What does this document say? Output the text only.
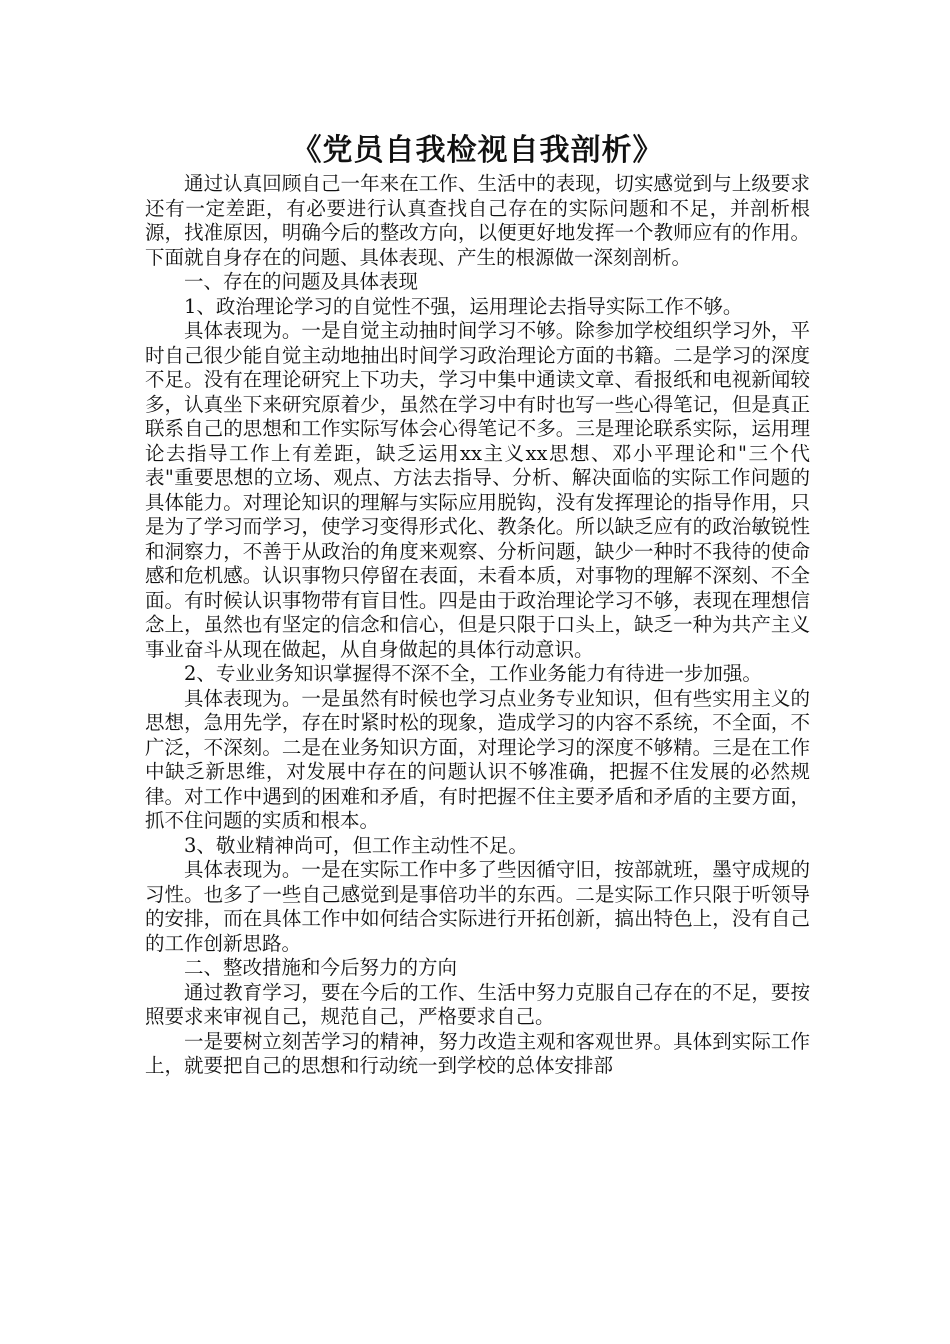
《党员自我检视自我剖析》

通过认真回顾自己一年来在工作、生活中的表现，切实感觉到与上级要求还有一定差距，有必要进行认真查找自己存在的实际问题和不足，并剖析根源，找准原因，明确今后的整改方向，以便更好地发挥一个教师应有的作用。下面就自身存在的问题、具体表现、产生的根源做一深刻剖析。

一、存在的问题及具体表现

1、政治理论学习的自觉性不强，运用理论去指导实际工作不够。

具体表现为。一是自觉主动抽时间学习不够。除参加学校组织学习外，平时自己很少能自觉主动地抽出时间学习政治理论方面的书籍。二是学习的深度不足。没有在理论研究上下功夫，学习中集中通读文章、看报纸和电视新闻较多，认真坐下来研究原着少，虽然在学习中有时也写一些心得笔记，但是真正联系自己的思想和工作实际写体会心得笔记不多。三是理论联系实际，运用理论去指导工作上有差距，缺乏运用xx主义xx思想、邓小平理论和"三个代表"重要思想的立场、观点、方法去指导、分析、解决面临的实际工作问题的具体能力。对理论知识的理解与实际应用脱钩，没有发挥理论的指导作用，只是为了学习而学习，使学习变得形式化、教条化。所以缺乏应有的政治敏锐性和洞察力，不善于从政治的角度来观察、分析问题，缺少一种时不我待的使命感和危机感。认识事物只停留在表面，未看本质，对事物的理解不深刻、不全面。有时候认识事物带有盲目性。四是由于政治理论学习不够，表现在理想信念上，虽然也有坚定的信念和信心，但是只限于口头上，缺乏一种为共产主义事业奋斗从现在做起，从自身做起的具体行动意识。

2、专业业务知识掌握得不深不全，工作业务能力有待进一步加强。

具体表现为。一是虽然有时候也学习点业务专业知识，但有些实用主义的思想，急用先学，存在时紧时松的现象，造成学习的内容不系统，不全面，不广泛，不深刻。二是在业务知识方面，对理论学习的深度不够精。三是在工作中缺乏新思维，对发展中存在的问题认识不够准确，把握不住发展的必然规律。对工作中遇到的困难和矛盾，有时把握不住主要矛盾和矛盾的主要方面，抓不住问题的实质和根本。

3、敬业精神尚可，但工作主动性不足。

具体表现为。一是在实际工作中多了些因循守旧，按部就班，墨守成规的习性。也多了一些自己感觉到是事倍功半的东西。二是实际工作只限于听领导的安排，而在具体工作中如何结合实际进行开拓创新，搞出特色上，没有自己的工作创新思路。

二、整改措施和今后努力的方向

通过教育学习，要在今后的工作、生活中努力克服自己存在的不足，要按照要求来审视自己，规范自己，严格要求自己。

一是要树立刻苦学习的精神，努力改造主观和客观世界。具体到实际工作上，就要把自己的思想和行动统一到学校的总体安排部
